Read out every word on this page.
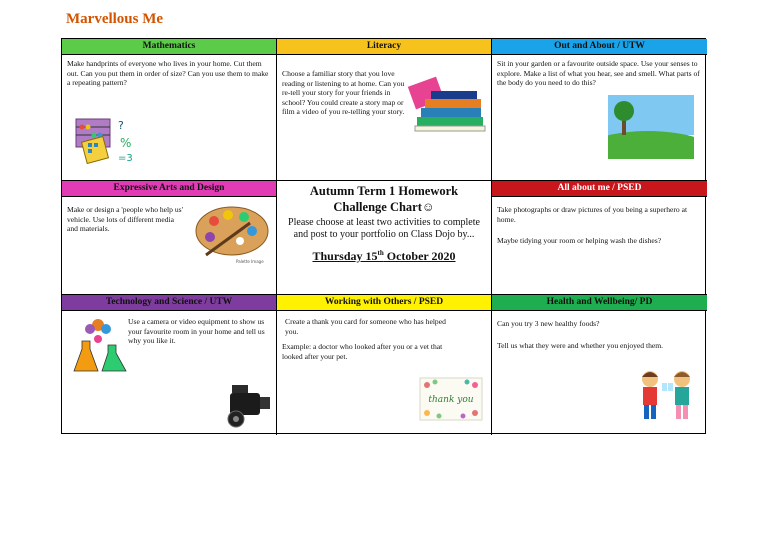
Marvellous Me
Mathematics
Make handprints of everyone who lives in your home. Cut them out. Can you put them in order of size? Can you use them to make a repeating pattern?
?
%
=3
Literacy
Choose a familiar story that you love reading or listening to at home. Can you re-tell your story for your friends in school? You could create a story map or film a video of you re-telling your story.
Out and About / UTW
Sit in your garden or a favourite outside space. Use your senses to explore. Make a list of what you hear, see and smell. What parts of the body do you need to do this?
Expressive Arts and Design
Make or design a 'people who help us' vehicle. Use lots of different media and materials.
Palette Image
Autumn Term 1 Homework Challenge Chart☺
Please choose at least two activities to complete and post to your portfolio on Class Dojo by...
Thursday 15th October 2020
All about me / PSED
Take photographs or draw pictures of you being a superhero at home.
Maybe tidying your room or helping wash the dishes?
Technology and Science / UTW
Use a camera or video equipment to show us your favourite room in your home and tell us why you like it.
Working with Others / PSED
Create a thank you card for someone who has helped you.
Example: a doctor who looked after you or a vet that looked after your pet.
thank you
Health and Wellbeing/ PD
Can you try 3 new healthy foods?
Tell us what they were and whether you enjoyed them.
